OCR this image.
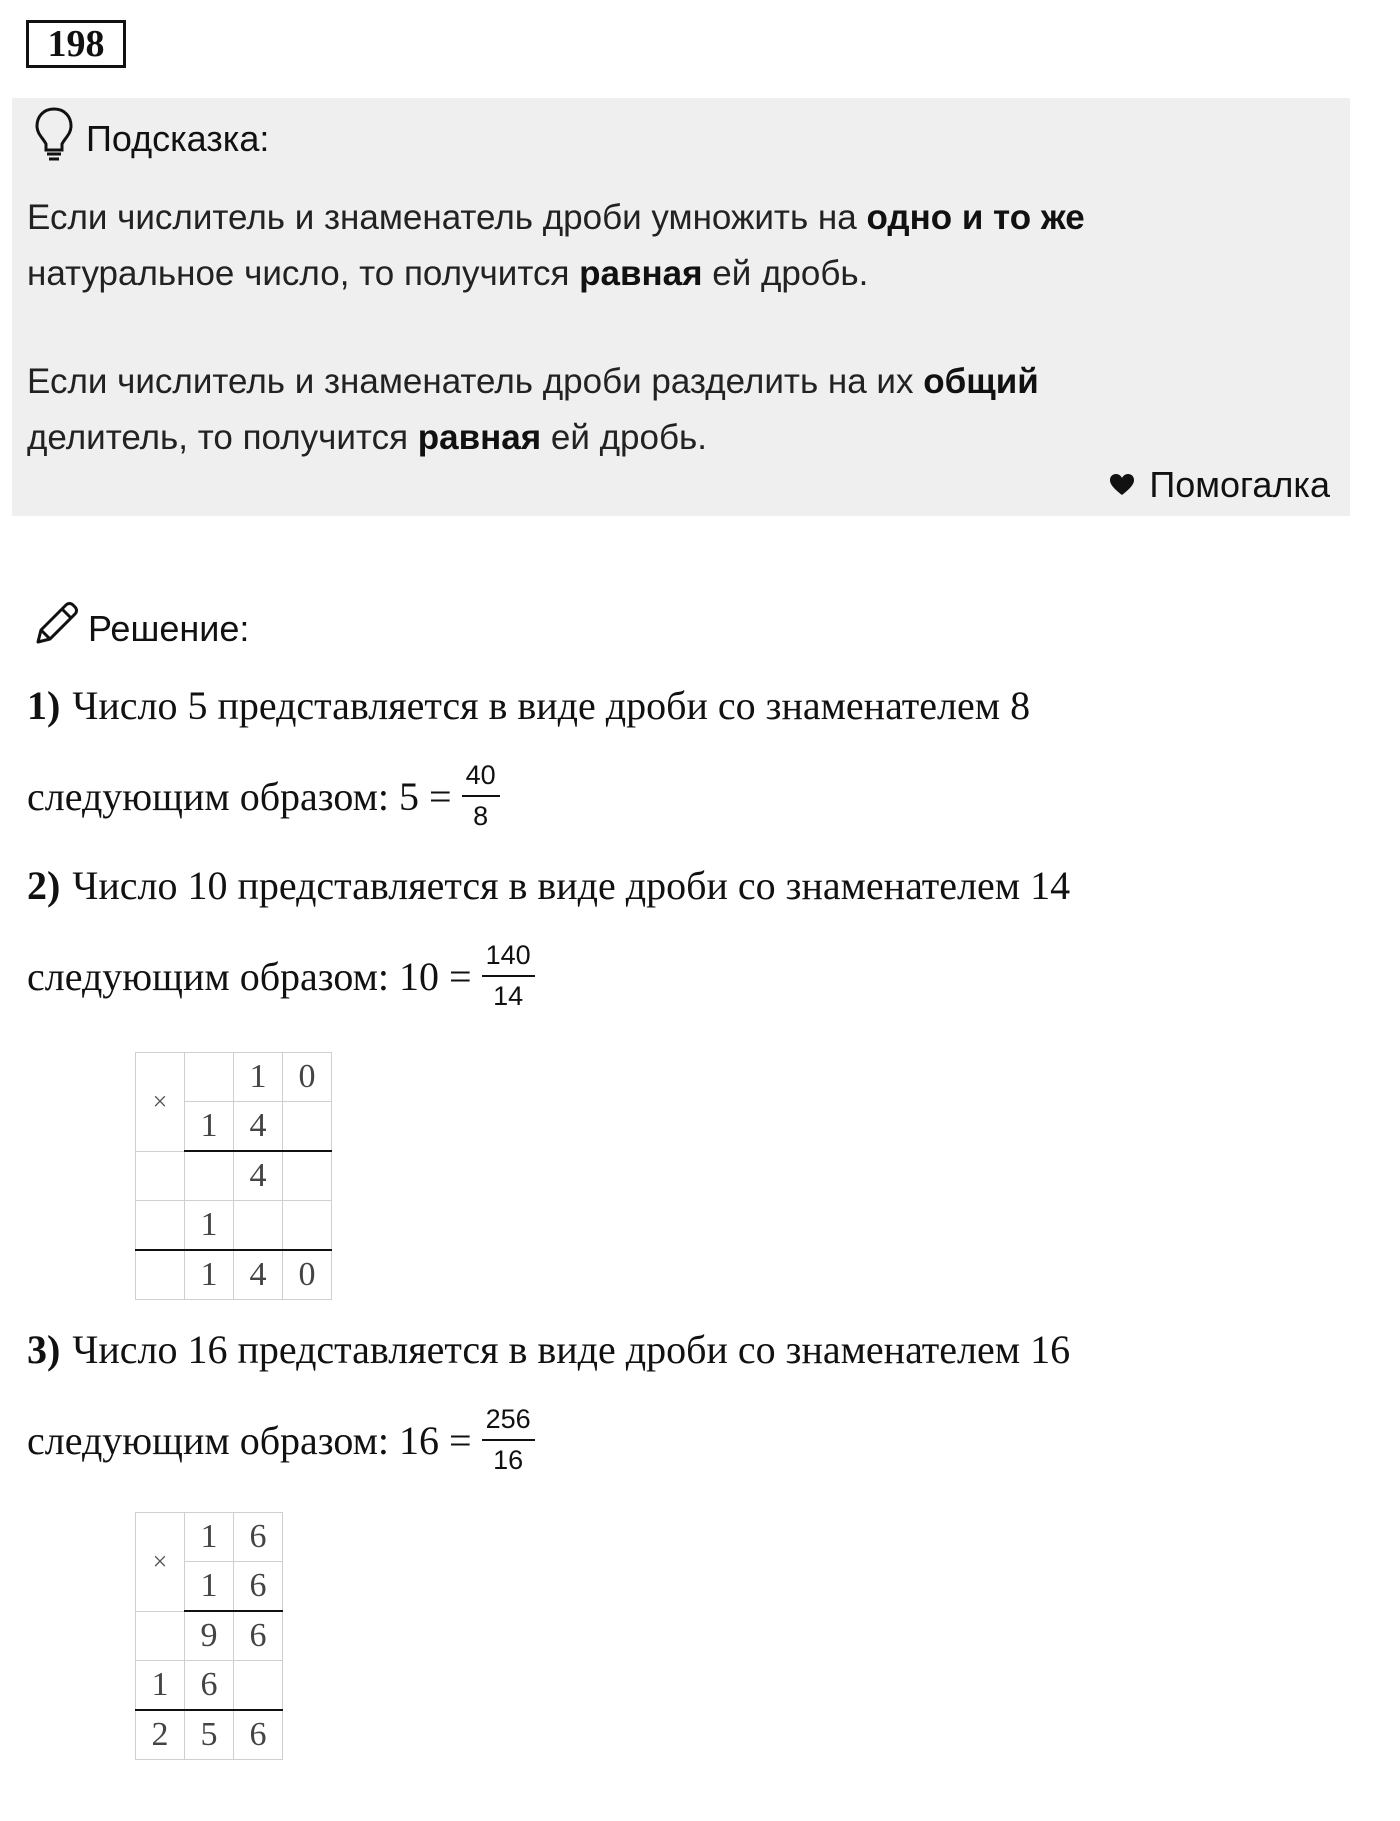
198
Подсказка:
Если числитель и знаменатель дроби умножить на одно и то же
натуральное число, то получится равная ей дробь.
Если числитель и знаменатель дроби разделить на их общий
делитель, то получится равная ей дробь.
Помогалка
Решение:
1) Число 5 представляется в виде дроби со знаменателем 8
следующим образом: $5 = \frac{40}{8}$
2) Число 10 представляется в виде дроби со знаменателем 14
следующим образом: $10 = \frac{140}{14}$
×		1	0
	1	4	
		4	
	1		
	1	4	0
3) Число 16 представляется в виде дроби со знаменателем 16
следующим образом: $16 = \frac{256}{16}$
×	1	6
	1	6
	9	6
1	6	
2	5	6
